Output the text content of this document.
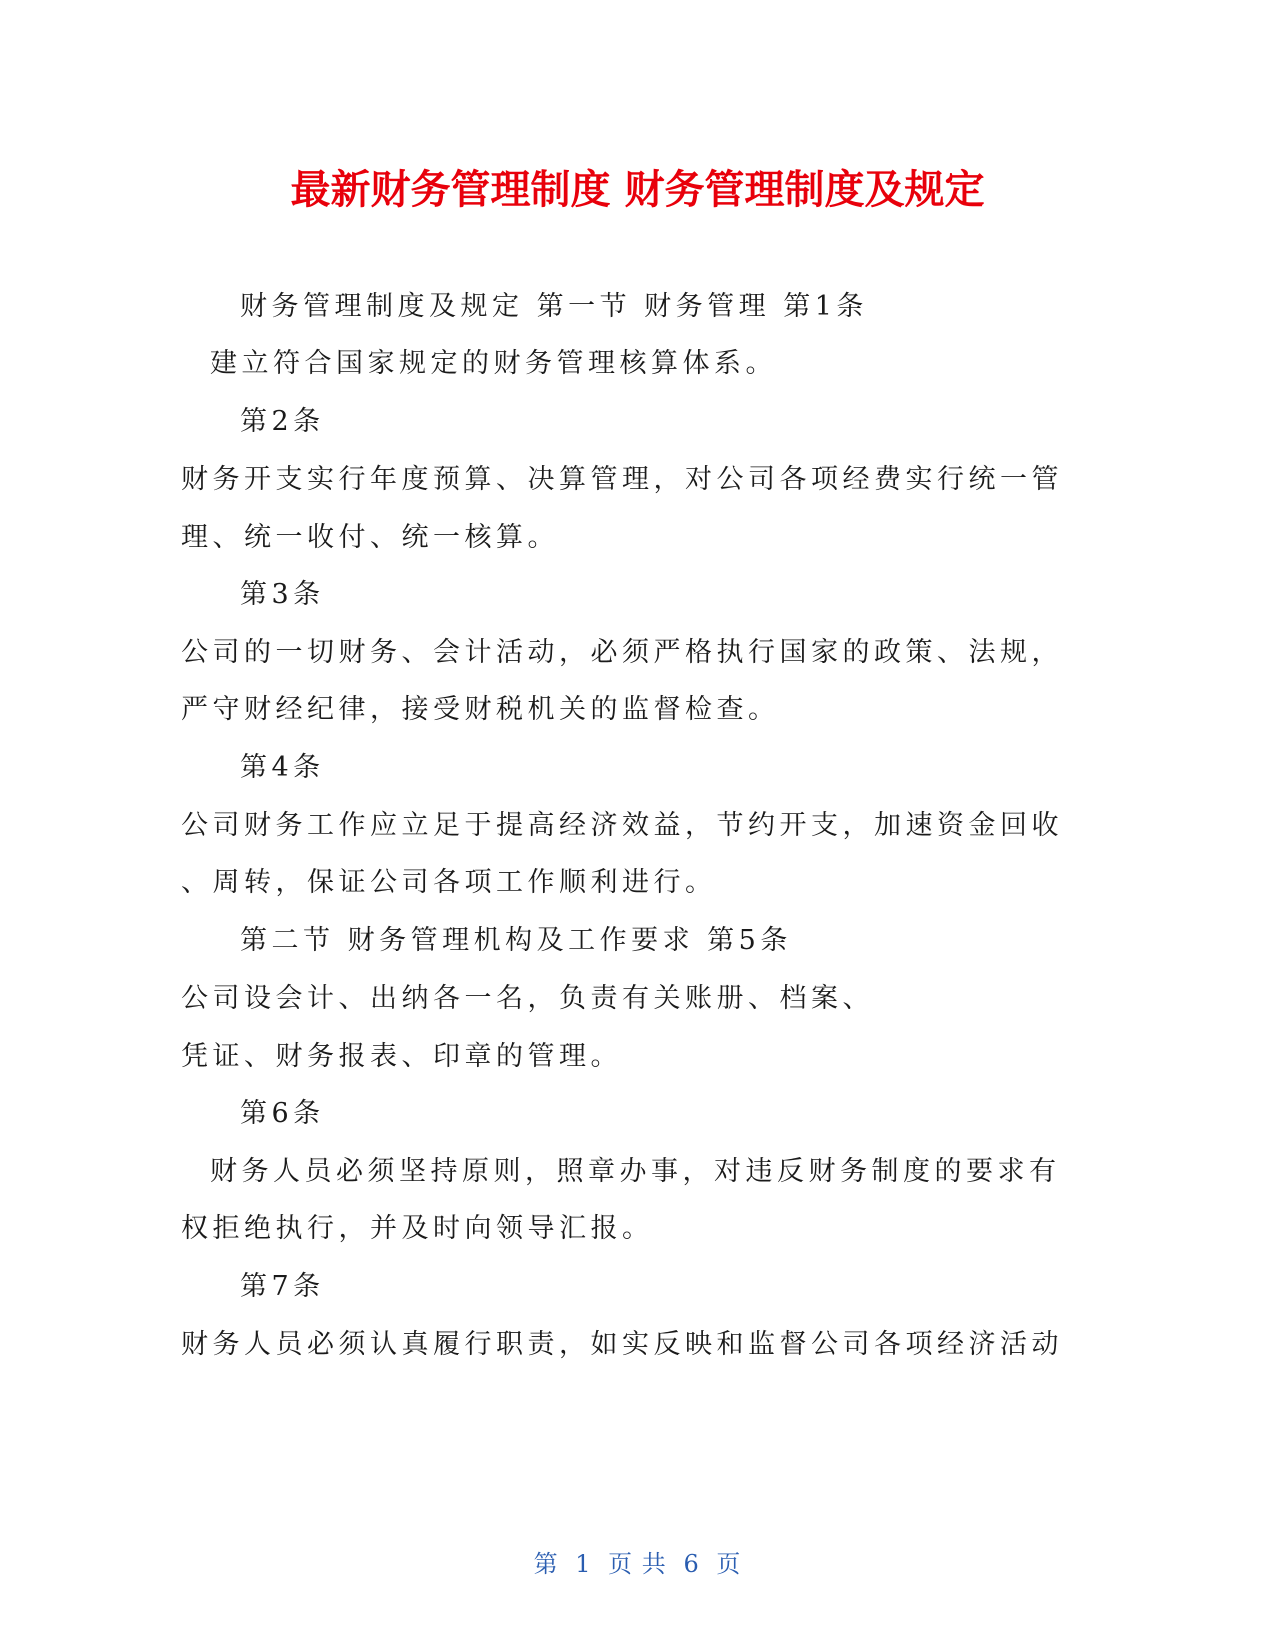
最新财务管理制度 财务管理制度及规定
财务管理制度及规定 第一节 财务管理 第1条
建立符合国家规定的财务管理核算体系。
第2条
财务开支实行年度预算、决算管理，对公司各项经费实行统一管
理、统一收付、统一核算。
第3条
公司的一切财务、会计活动，必须严格执行国家的政策、法规，
严守财经纪律，接受财税机关的监督检查。
第4条
公司财务工作应立足于提高经济效益，节约开支，加速资金回收
、周转，保证公司各项工作顺利进行。
第二节 财务管理机构及工作要求 第5条
公司设会计、出纳各一名，负责有关账册、档案、
凭证、财务报表、印章的管理。
第6条
财务人员必须坚持原则，照章办事，对违反财务制度的要求有
权拒绝执行，并及时向领导汇报。
第7条
财务人员必须认真履行职责，如实反映和监督公司各项经济活动
第 1 页 共 6 页
